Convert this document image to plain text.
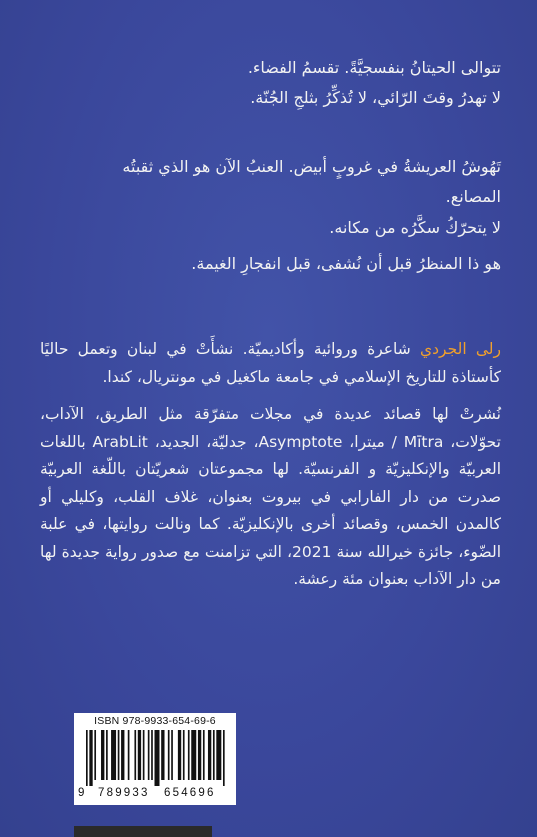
تتوالى الحيتانُ بنفسجيَّةً. تقسمُ الفضاء.
لا تهدرُ وقتَ الرّائي، لا تُذكِّرُ بثلجِ الجُنّة.
تَهُوشُ العريشةُ في غروبٍ أبيض. العنبُ الآن هو الذي ثقبتُه المصانع.
لا يتحرّكُ سكَّرُه من مكانه.
هو ذا المنظرُ قبل أن نُشفى، قبل انفجارِ الغيمة.

رلى الجردي شاعرة وروائية وأكاديميّة. نشأَتْ في لبنان وتعمل حاليًا كأستاذة للتاريخ الإسلامي في جامعة ماكغيل في مونتريال، كندا.

نُشرتْ لها قصائد عديدة في مجلات متفرّقة مثل الطريق، الآداب، تحوّلات، Mītra / ميترا، Asymptote، جدليّة، الجديد، ArabLit باللغات العربيّة والإنكليزيّة و الفرنسيّة. لها مجموعتان شعريّتان باللّغة العربيّة صدرت من دار الفارابي في بيروت بعنوان، غلاف القلب، وكليلي أو كالمدن الخمس، وقصائد أخرى بالإنكليزيّة. كما ونالت روايتها، في علبة الضّوء، جائزة خيرالله سنة 2021، التي تزامنت مع صدور رواية جديدة لها من دار الآداب بعنوان مئة رعشة.

ISBN 978-9933-654-69-6
9 789933 654696
